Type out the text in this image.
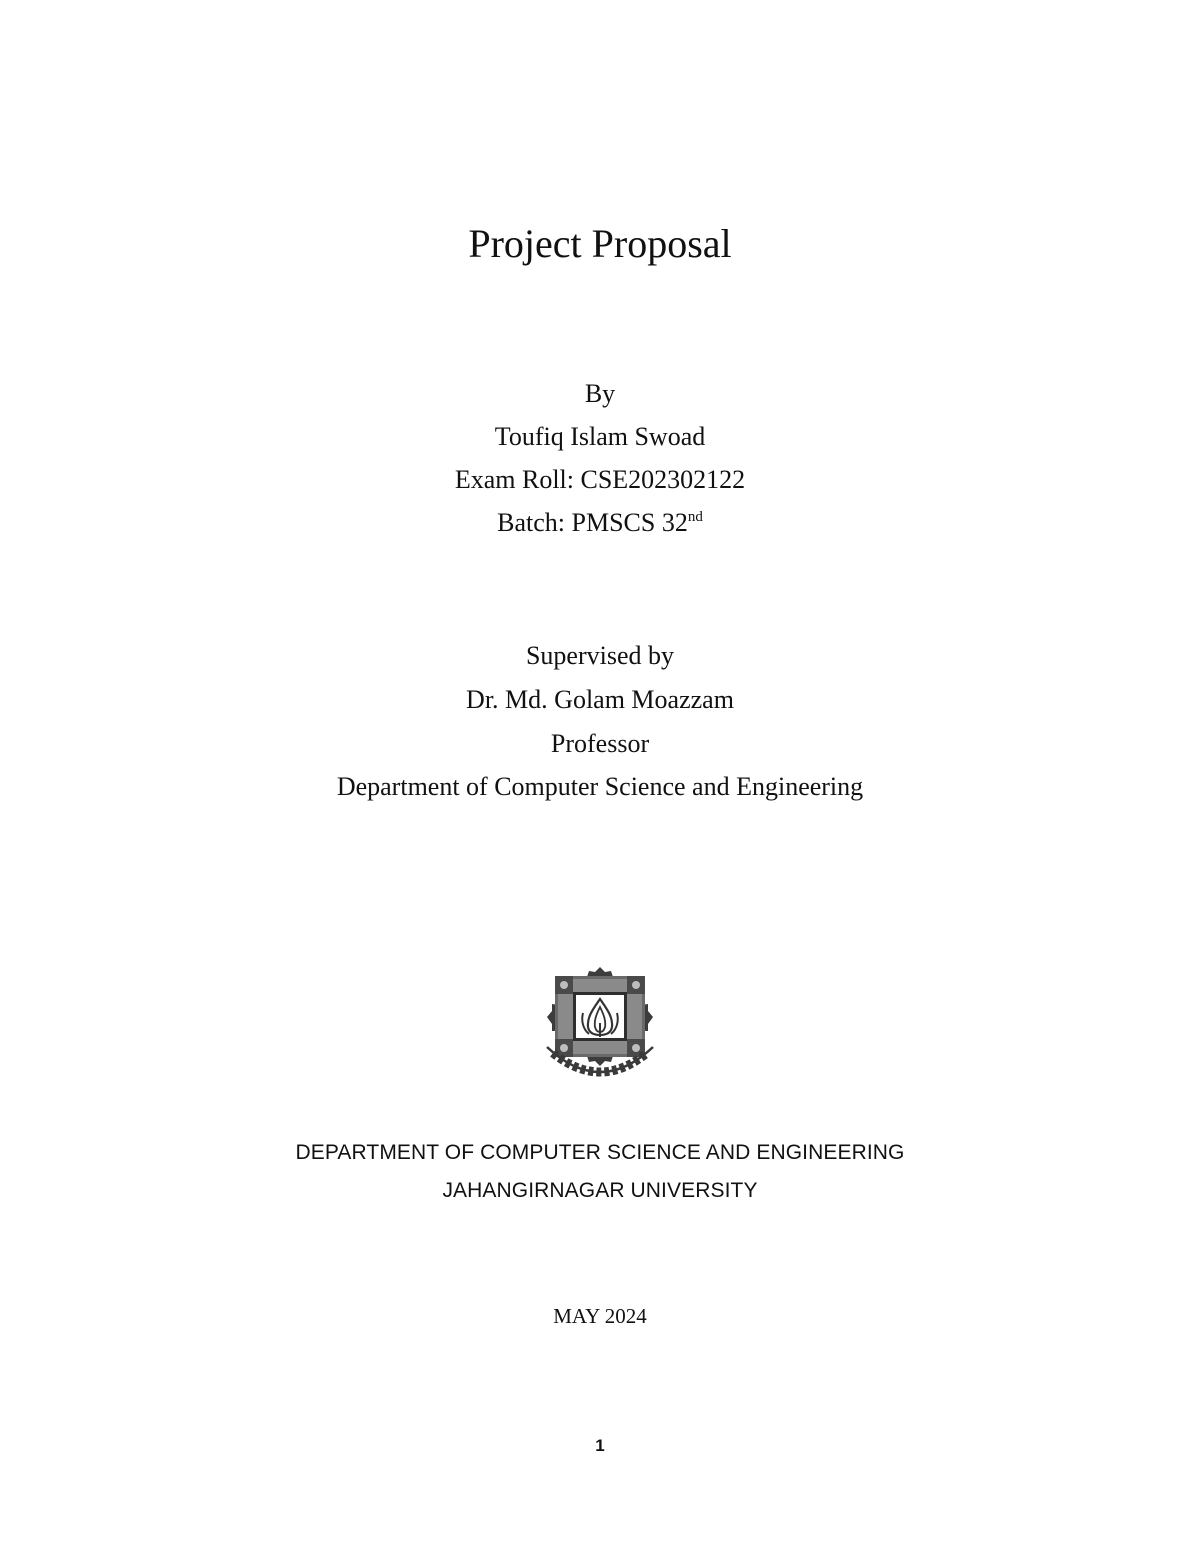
Project Proposal
By
Toufiq Islam Swoad
Exam Roll: CSE202302122
Batch: PMSCS 32nd
Supervised by
Dr. Md. Golam Moazzam
Professor
Department of Computer Science and Engineering
DEPARTMENT OF COMPUTER SCIENCE AND ENGINEERING
JAHANGIRNAGAR UNIVERSITY
MAY 2024
1
